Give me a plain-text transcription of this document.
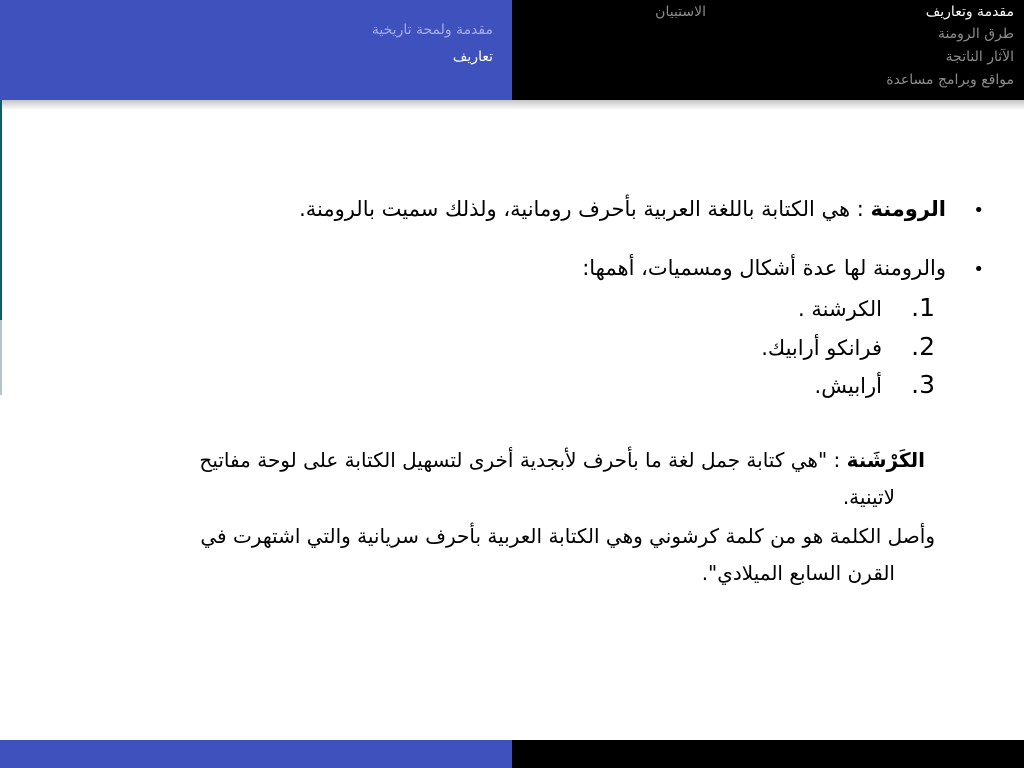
مقدمة ولمحة تاريخية
تعاريف
الاستبيان	مقدمة وتعاريف
طرق الرومنة
الآثار الناتجة
مواقع وبرامج مساعدة
•
الرومنة : هي الكتابة باللغة العربية بأحرف رومانية، ولذلك سميت بالرومنة.
•
والرومنة لها عدة أشكال ومسميات، أهمها:
1.
الكرشنة .
2.
فرانكو أرابيك.
3.
أرابيش.
الكَرْشَنة : "هي كتابة جمل لغة ما بأحرف لأبجدية أخرى لتسهيل الكتابة على لوحة مفاتيح
لاتينية.
وأصل الكلمة هو من كلمة كرشوني وهي الكتابة العربية بأحرف سريانية والتي اشتهرت في
القرن السابع الميلادي".
